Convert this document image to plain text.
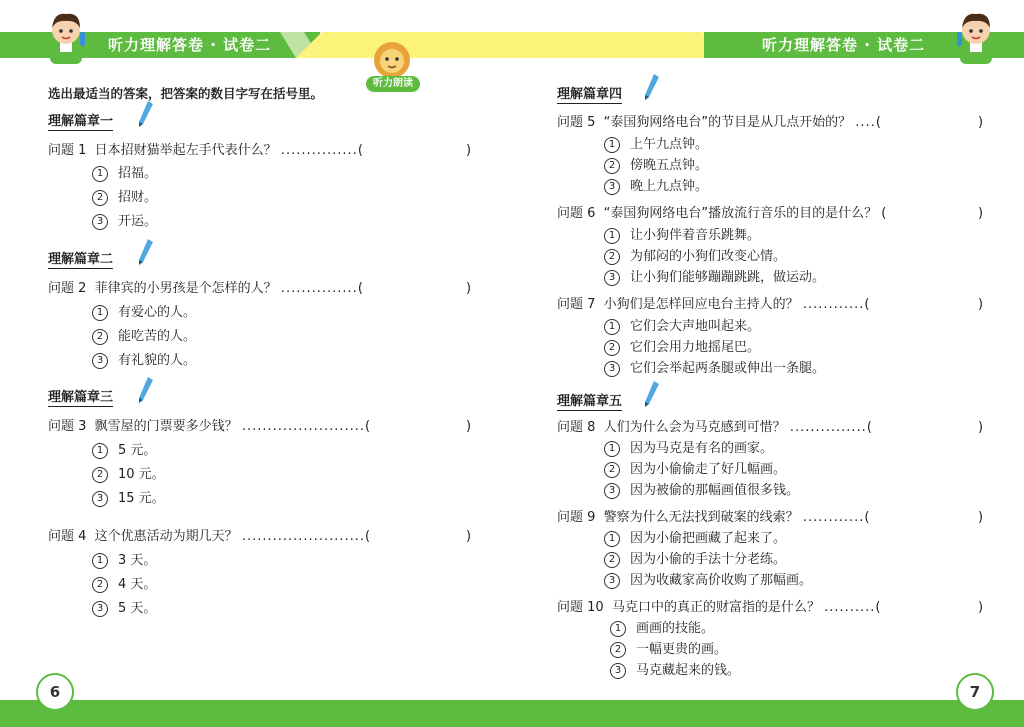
听力理解答卷 · 试卷二	听力理解答卷 · 试卷二
听力朗读
选出最适当的答案，把答案的数目字写在括号里。
理解篇章一
问题 1 日本招财猫举起左手代表什么？ ...............(	)
1 招福。
2 招财。
3 开运。
理解篇章二
问题 2 菲律宾的小男孩是个怎样的人？ ...............(	)
1 有爱心的人。
2 能吃苦的人。
3 有礼貌的人。
理解篇章三
问题 3 飘雪屋的门票要多少钱？ ........................(	)
1 5 元。
2 10 元。
3 15 元。
问题 4 这个优惠活动为期几天？ ........................(	)
1 3 天。
2 4 天。
3 5 天。
理解篇章四
问题 5 “泰国狗网络电台”的节目是从几点开始的？ ....(	)
1 上午九点钟。
2 傍晚五点钟。
3 晚上九点钟。
问题 6 “泰国狗网络电台”播放流行音乐的目的是什么？ (	)
1 让小狗伴着音乐跳舞。
2 为郁闷的小狗们改变心情。
3 让小狗们能够蹦蹦跳跳，做运动。
问题 7 小狗们是怎样回应电台主持人的？ ............(	)
1 它们会大声地叫起来。
2 它们会用力地摇尾巴。
3 它们会举起两条腿或伸出一条腿。
理解篇章五
问题 8 人们为什么会为马克感到可惜？ ...............(	)
1 因为马克是有名的画家。
2 因为小偷偷走了好几幅画。
3 因为被偷的那幅画值很多钱。
问题 9 警察为什么无法找到破案的线索？ ............(	)
1 因为小偷把画藏了起来了。
2 因为小偷的手法十分老练。
3 因为收藏家高价收购了那幅画。
问题 10 马克口中的真正的财富指的是什么？ ..........(	)
1 画画的技能。
2 一幅更贵的画。
3 马克藏起来的钱。
6	7
